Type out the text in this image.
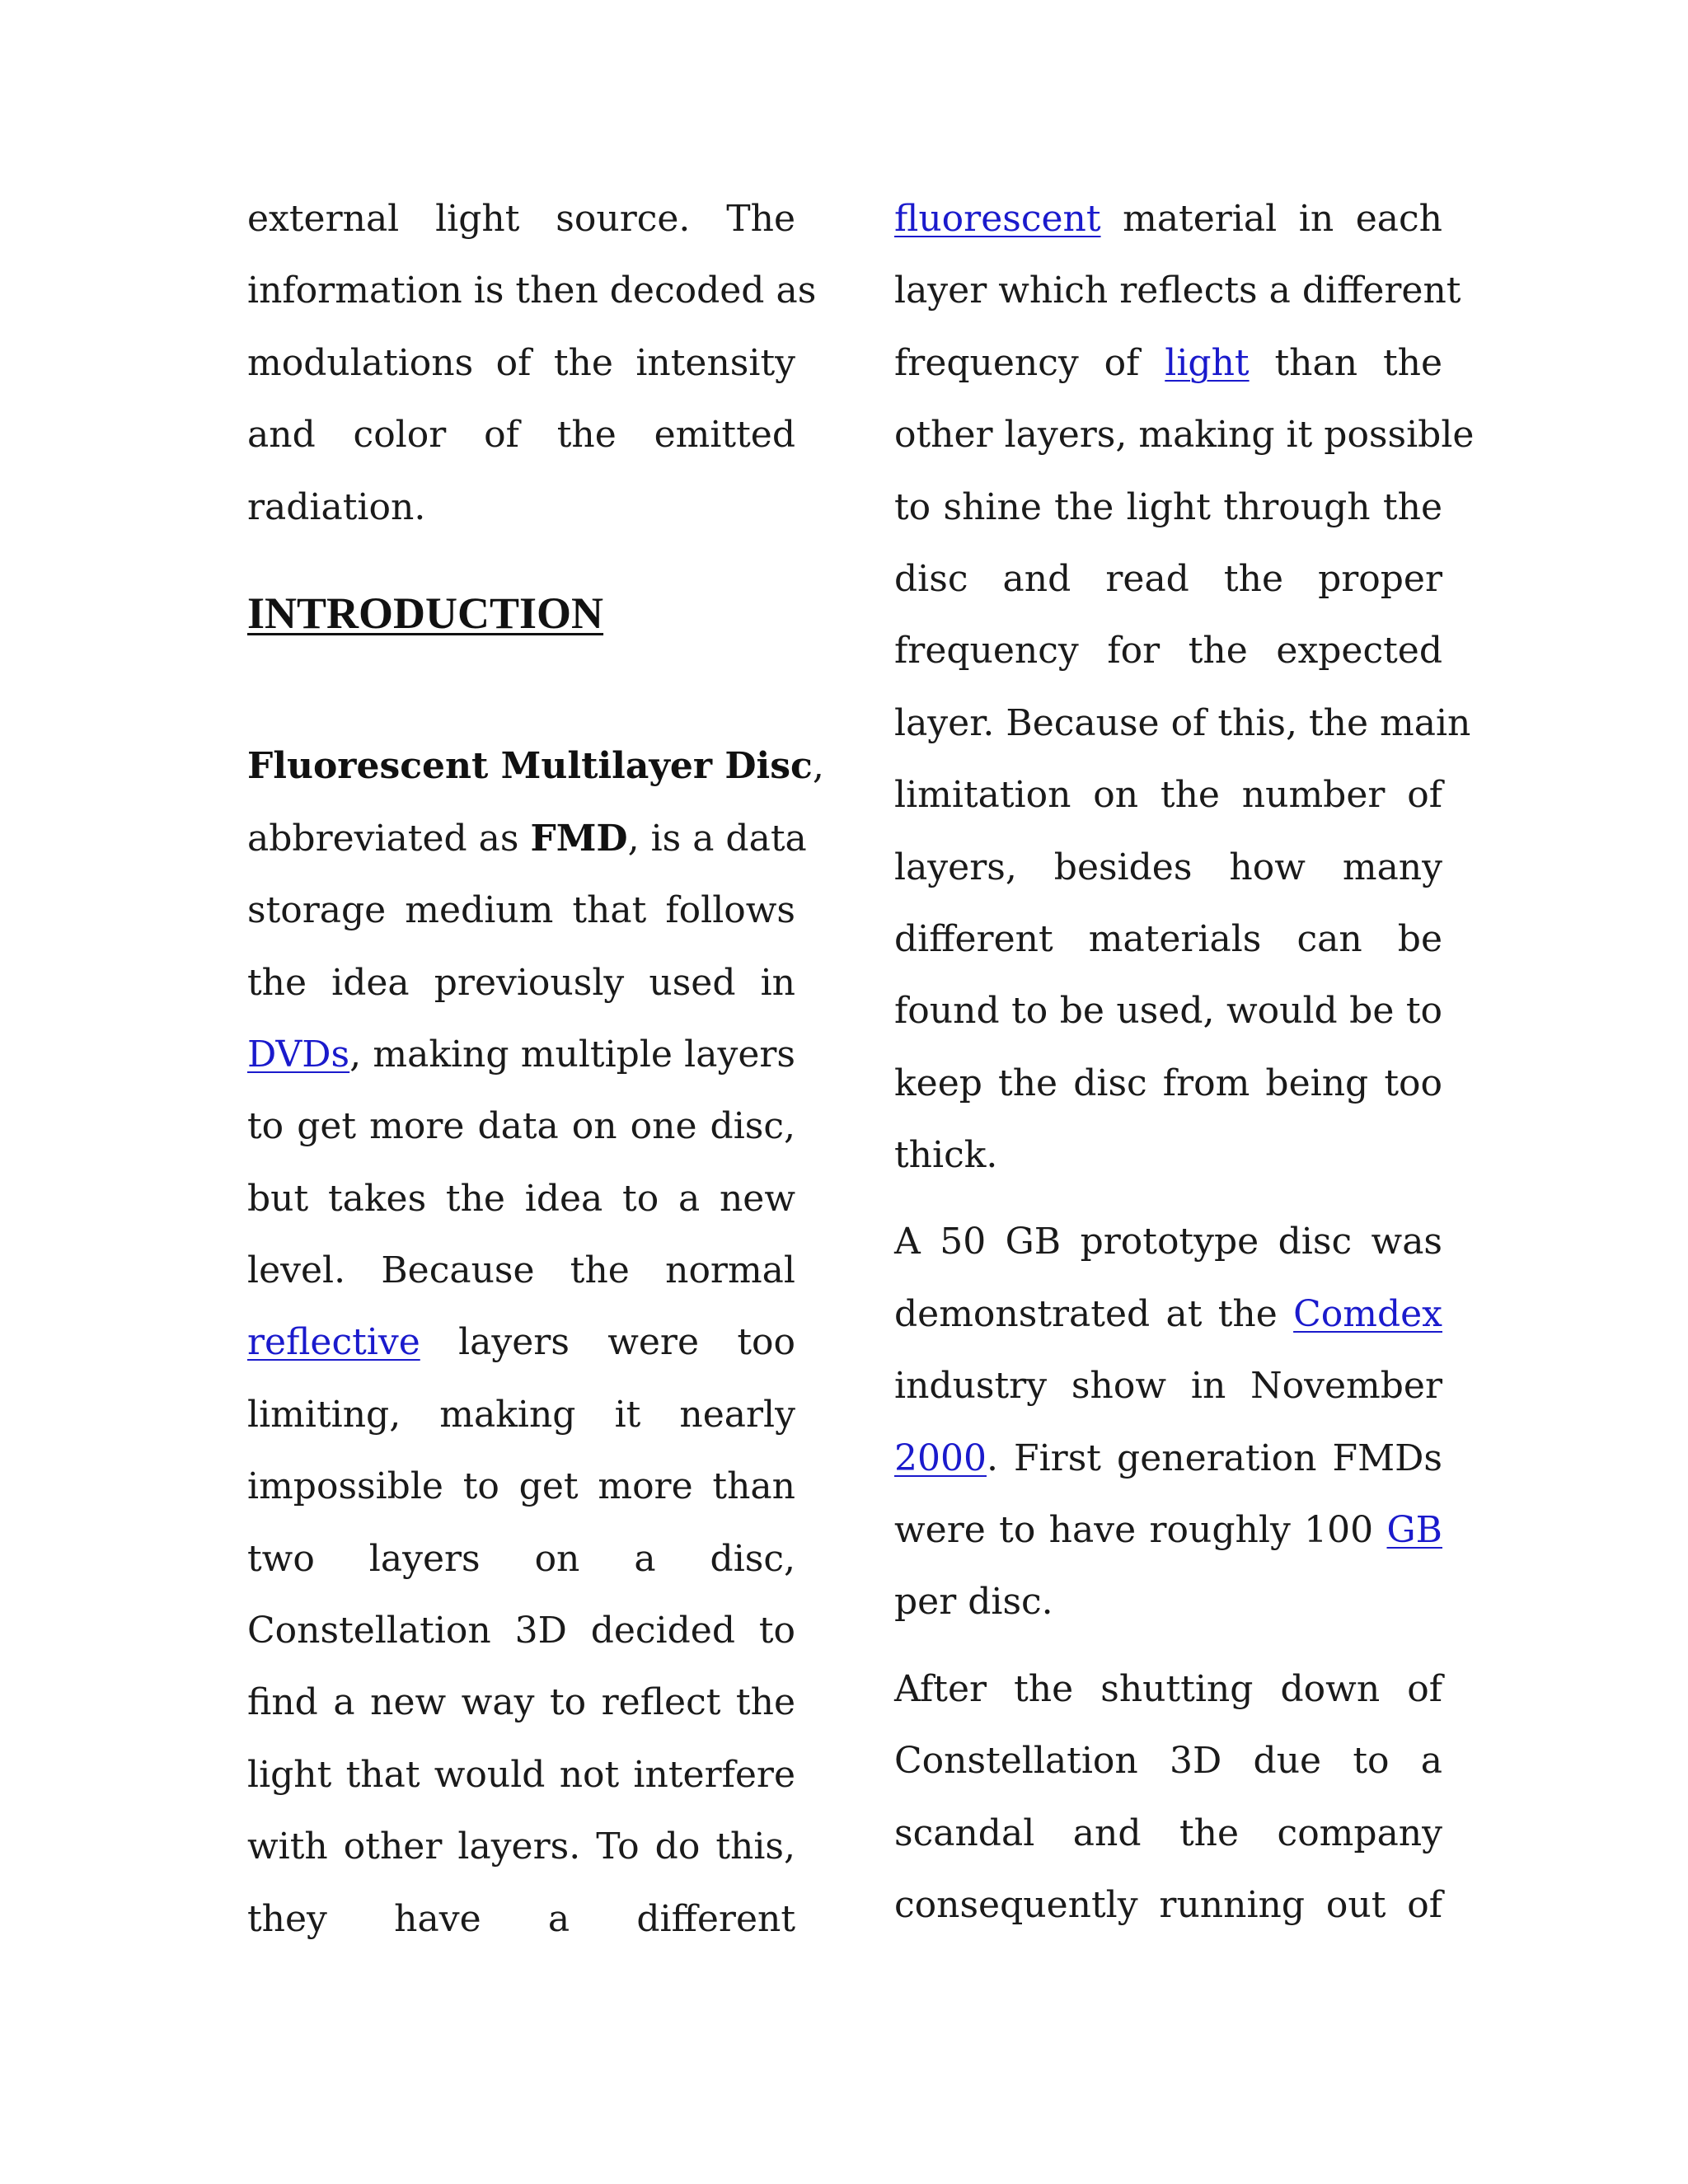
external light source. The
information is then decoded as
modulations of the intensity
and color of the emitted
radiation.
INTRODUCTION
Fluorescent Multilayer Disc,
abbreviated as FMD, is a data
storage medium that follows
the idea previously used in
DVDs, making multiple layers
to get more data on one disc,
but takes the idea to a new
level. Because the normal
reflective layers were too
limiting, making it nearly
impossible to get more than
two layers on a disc,
Constellation 3D decided to
find a new way to reflect the
light that would not interfere
with other layers. To do this,
they have a different
fluorescent material in each
layer which reflects a different
frequency of light than the
other layers, making it possible
to shine the light through the
disc and read the proper
frequency for the expected
layer. Because of this, the main
limitation on the number of
layers, besides how many
different materials can be
found to be used, would be to
keep the disc from being too
thick.
A 50 GB prototype disc was
demonstrated at the Comdex
industry show in November
2000. First generation FMDs
were to have roughly 100 GB
per disc.
After the shutting down of
Constellation 3D due to a
scandal and the company
consequently running out of
